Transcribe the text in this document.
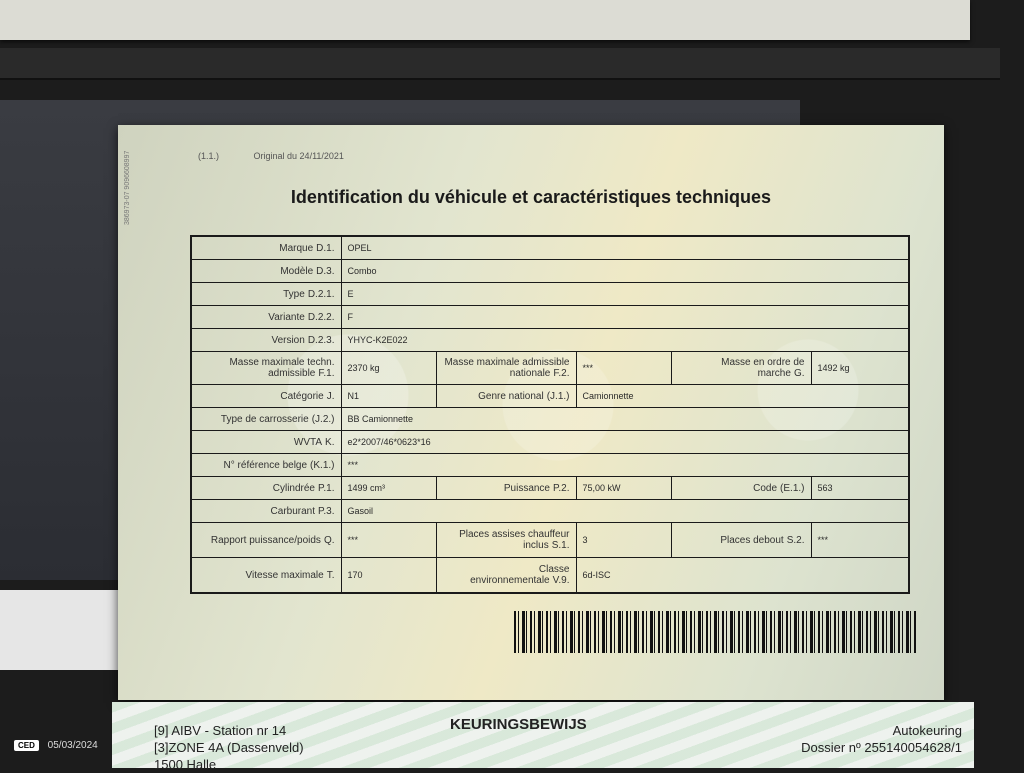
(1.1.)	Original du 24/11/2021
386973-07 9096608997	Identification du véhicule et caractéristiques techniques
Marque D.1.	OPEL				
Modèle D.3.	Combo				
Type D.2.1.	E				
Variante D.2.2.	F				
Version D.2.3.	YHYC-K2E022				
Masse maximale techn. admissible F.1.	2370 kg	Masse maximale admissible nationale F.2.	***	Masse en ordre de marche G.	1492 kg
Catégorie J.	N1	Genre national (J.1.)	Camionnette		
Type de carrosserie (J.2.)	BB Camionnette				
WVTA K.	e2*2007/46*0623*16				
N° référence belge (K.1.)	***				
Cylindrée P.1.	1499 cm³	Puissance P.2.	75,00 kW	Code (E.1.)	563
Carburant P.3.	Gasoil				
Rapport puissance/poids Q.	***	Places assises chauffeur inclus S.1.	3	Places debout S.2.	***
Vitesse maximale T.	170	Classe environnementale V.9.	6d-ISC		
[9] AIBV - Station nr 14
[3]ZONE 4A (Dassenveld)
1500 Halle
KEURINGSBEWIJS	Autokeuring
Dossier nº 255140054628/1
CED 05/03/2024
